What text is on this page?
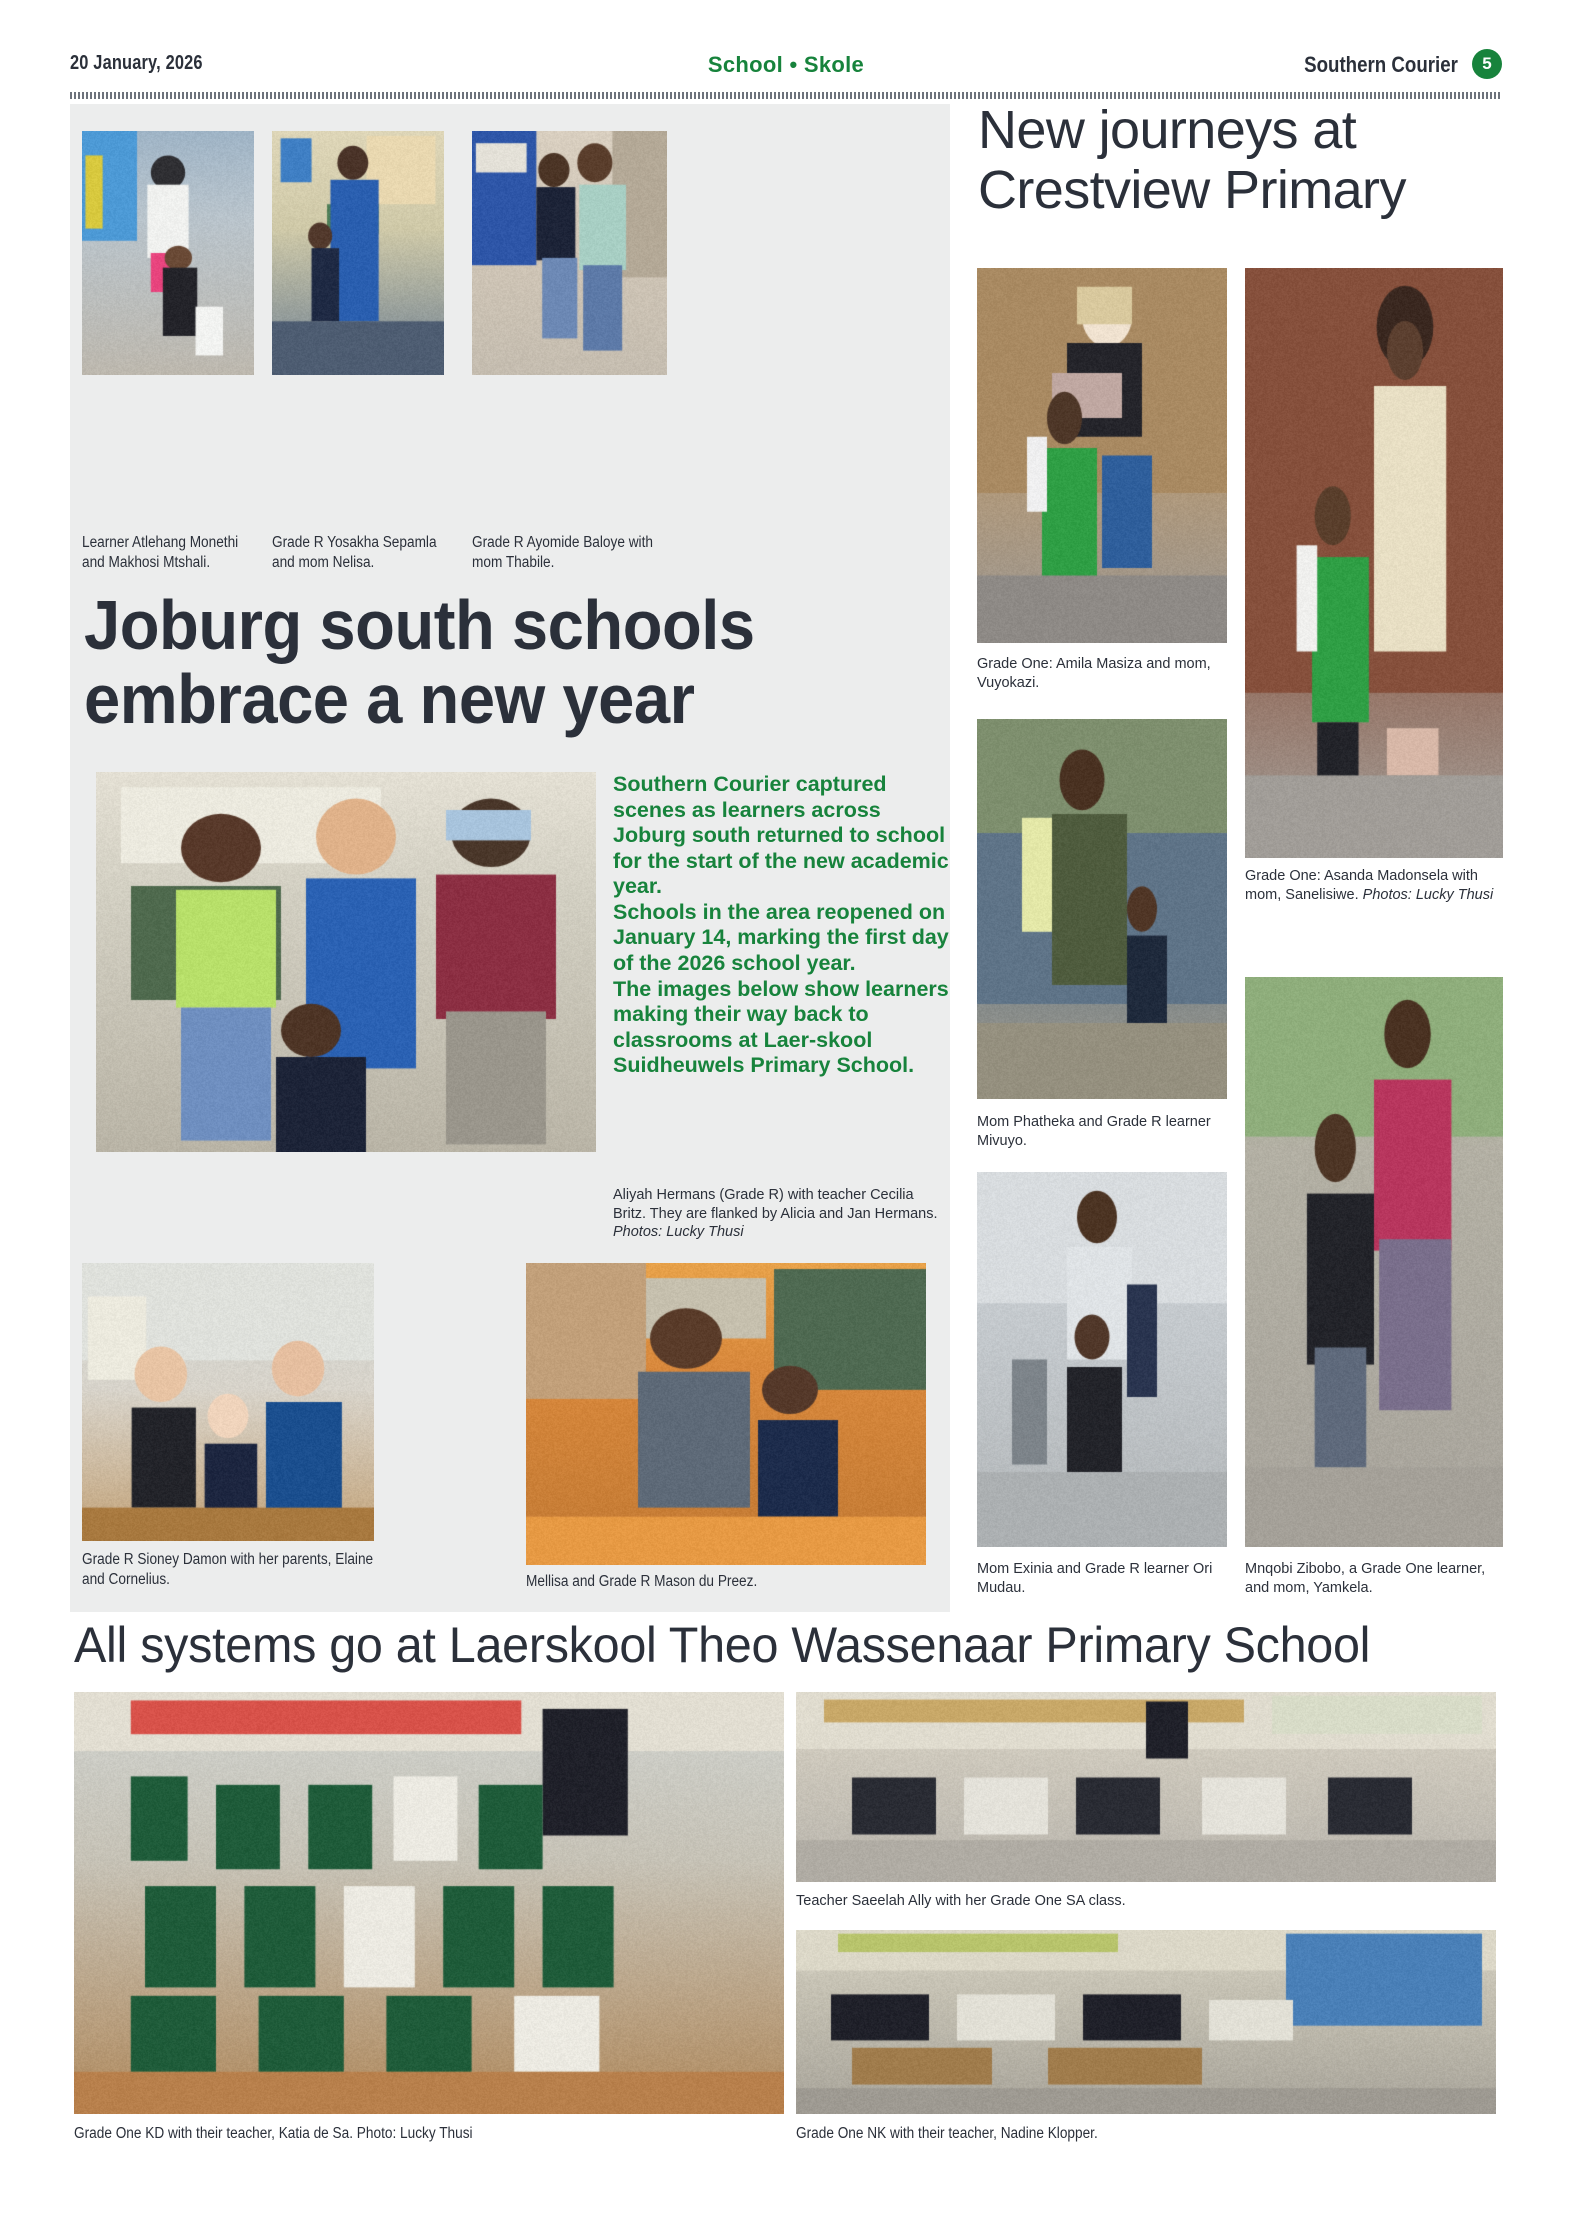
20 January, 2026	School • Skole	Southern Courier	5
Learner Atlehang Monethi and Makhosi Mtshali.
Grade R Yosakha Sepamla and mom Nelisa.
Grade R Ayomide Baloye with mom Thabile.
Joburg south schools
embrace a new year

Southern Courier captured scenes as learners across Joburg south returned to school for the start of the new academic year.

Schools in the area reopened on January 14, marking the first day of the 2026 school year.

The images below show learners making their way back to classrooms at Laer-skool Suidheuwels Primary School.

Aliyah Hermans (Grade R) with teacher Cecilia Britz. They are flanked by Alicia and Jan Hermans. Photos: Lucky Thusi
Grade R Sioney Damon with her parents, Elaine and Cornelius.	Mellisa and Grade R Mason du Preez.
New journeys at
Crestview Primary
Grade One: Amila Masiza and mom, Vuyokazi.
Grade One: Asanda Madonsela with mom, Sanelisiwe. Photos: Lucky Thusi
Mom Phatheka and Grade R learner Mivuyo.
Mom Exinia and Grade R learner Ori Mudau.
Mnqobi Zibobo, a Grade One learner, and mom, Yamkela.
All systems go at Laerskool Theo Wassenaar Primary School
Grade One KD with their teacher, Katia de Sa. Photo: Lucky Thusi
Teacher Saeelah Ally with her Grade One SA class.
Grade One NK with their teacher, Nadine Klopper.
